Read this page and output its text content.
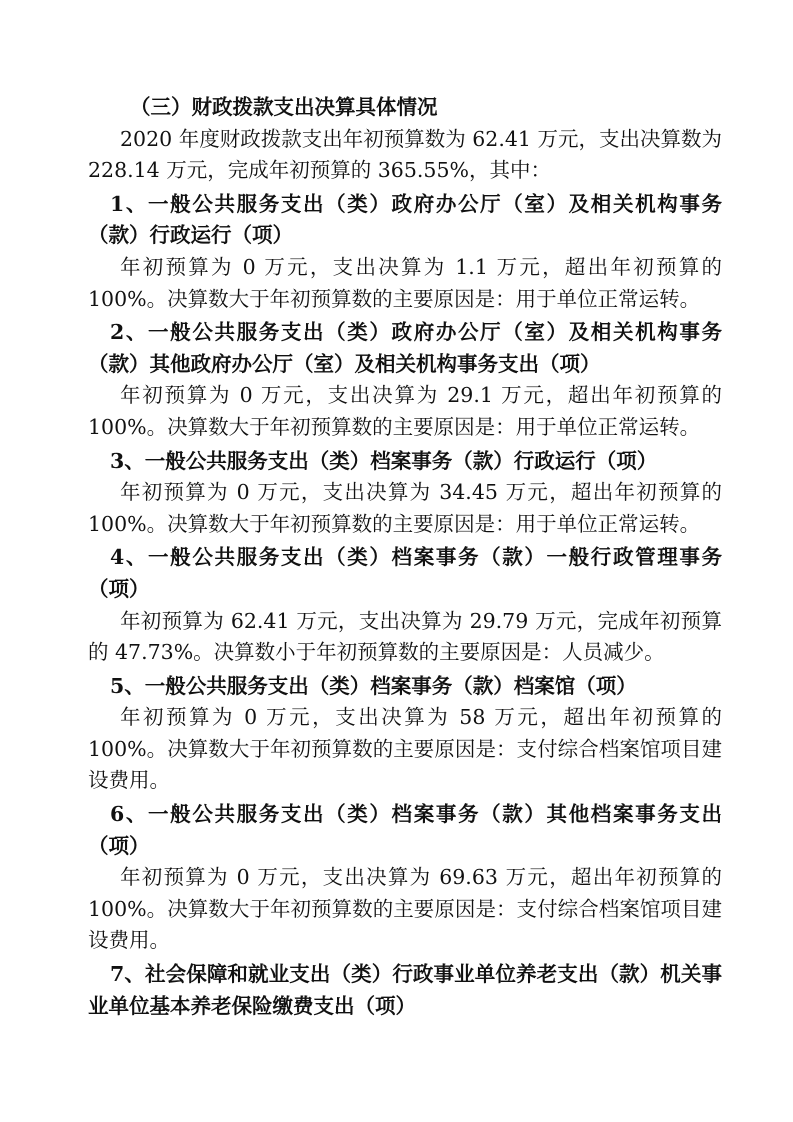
（三）财政拨款支出决算具体情况

2020 年度财政拨款支出年初预算数为 62.41 万元，支出决算数为 228.14 万元，完成年初预算的 365.55%，其中：

1、一般公共服务支出（类）政府办公厅（室）及相关机构事务（款）行政运行（项）

年初预算为 0 万元，支出决算为 1.1 万元，超出年初预算的 100%。决算数大于年初预算数的主要原因是：用于单位正常运转。

2、一般公共服务支出（类）政府办公厅（室）及相关机构事务（款）其他政府办公厅（室）及相关机构事务支出（项）

年初预算为 0 万元，支出决算为 29.1 万元，超出年初预算的 100%。决算数大于年初预算数的主要原因是：用于单位正常运转。

3、一般公共服务支出（类）档案事务（款）行政运行（项）

年初预算为 0 万元，支出决算为 34.45 万元，超出年初预算的 100%。决算数大于年初预算数的主要原因是：用于单位正常运转。

4、一般公共服务支出（类）档案事务（款）一般行政管理事务（项）

年初预算为 62.41 万元，支出决算为 29.79 万元，完成年初预算的 47.73%。决算数小于年初预算数的主要原因是：人员减少。

5、一般公共服务支出（类）档案事务（款）档案馆（项）

年初预算为 0 万元，支出决算为 58 万元，超出年初预算的 100%。决算数大于年初预算数的主要原因是：支付综合档案馆项目建设费用。

6、一般公共服务支出（类）档案事务（款）其他档案事务支出（项）

年初预算为 0 万元，支出决算为 69.63 万元，超出年初预算的 100%。决算数大于年初预算数的主要原因是：支付综合档案馆项目建设费用。

7、社会保障和就业支出（类）行政事业单位养老支出（款）机关事业单位基本养老保险缴费支出（项）
